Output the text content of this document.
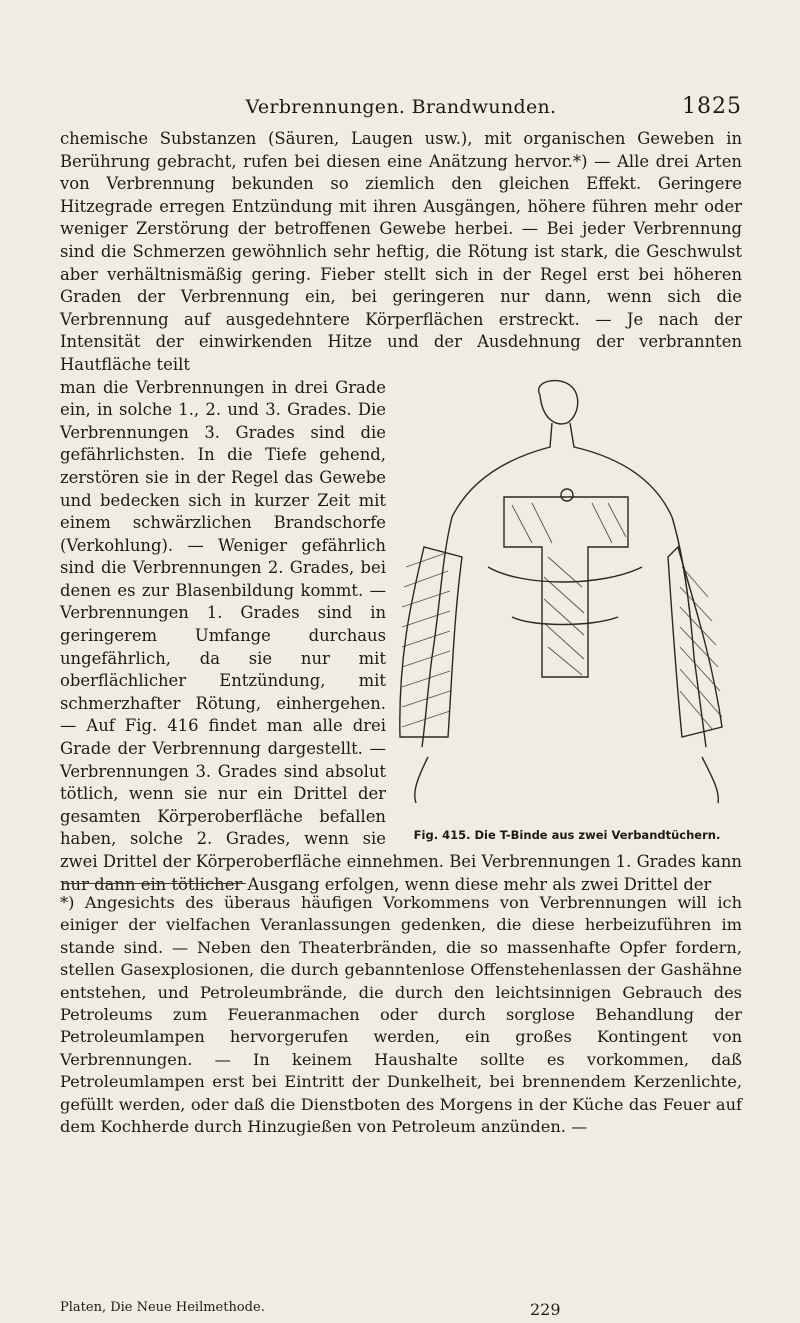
Verbrennungen. Brandwunden.	1825

chemische Substanzen (Säuren, Laugen usw.), mit organischen Geweben in Berührung gebracht, rufen bei diesen eine Anätzung hervor.*) — Alle drei Arten von Verbrennung bekunden so ziemlich den gleichen Effekt. Geringere Hitzegrade erregen Entzündung mit ihren Ausgängen, höhere führen mehr oder weniger Zerstörung der betroffenen Gewebe herbei. — Bei jeder Verbrennung sind die Schmerzen gewöhnlich sehr heftig, die Rötung ist stark, die Geschwulst aber verhältnismäßig gering. Fieber stellt sich in der Regel erst bei höheren Graden der Verbrennung ein, bei geringeren nur dann, wenn sich die Verbrennung auf ausgedehntere Körperflächen erstreckt. — Je nach der Intensität der einwirkenden Hitze und der Ausdehnung der verbrannten Hautfläche teilt

Fig. 415. Die T-Binde aus zwei Verbandtüchern.

man die Verbrennungen in drei Grade ein, in solche 1., 2. und 3. Grades. Die Verbrennungen 3. Grades sind die gefährlichsten. In die Tiefe gehend, zerstören sie in der Regel das Gewebe und bedecken sich in kurzer Zeit mit einem schwärzlichen Brandschorfe (Verkohlung). — Weniger gefährlich sind die Verbrennungen 2. Grades, bei denen es zur Blasenbildung kommt. — Verbrennungen 1. Grades sind in geringerem Umfange durchaus ungefährlich, da sie nur mit oberflächlicher Entzündung, mit schmerzhafter Rötung, einhergehen. — Auf Fig. 416 findet man alle drei Grade der Verbrennung dargestellt. — Verbrennungen 3. Grades sind absolut tötlich, wenn sie nur ein Drittel der gesamten Körperoberfläche befallen haben, solche 2. Grades, wenn sie zwei Drittel der Körperoberfläche einnehmen. Bei Verbrennungen 1. Grades kann nur dann ein tötlicher Ausgang erfolgen, wenn diese mehr als zwei Drittel der

*) Angesichts des überaus häufigen Vorkommens von Verbrennungen will ich einiger der vielfachen Veranlassungen gedenken, die diese herbeizuführen im stande sind. — Neben den Theaterbränden, die so massenhafte Opfer fordern, stellen Gasexplosionen, die durch gebanntenlose Offenstehenlassen der Gashähne entstehen, und Petroleumbrände, die durch den leichtsinnigen Gebrauch des Petroleums zum Feueranmachen oder durch sorglose Behandlung der Petroleumlampen hervorgerufen werden, ein großes Kontingent von Verbrennungen. — In keinem Haushalte sollte es vorkommen, daß Petroleumlampen erst bei Eintritt der Dunkelheit, bei brennendem Kerzenlichte, gefüllt werden, oder daß die Dienstboten des Morgens in der Küche das Feuer auf dem Kochherde durch Hinzugießen von Petroleum anzünden. —

Platen, Die Neue Heilmethode.	229
